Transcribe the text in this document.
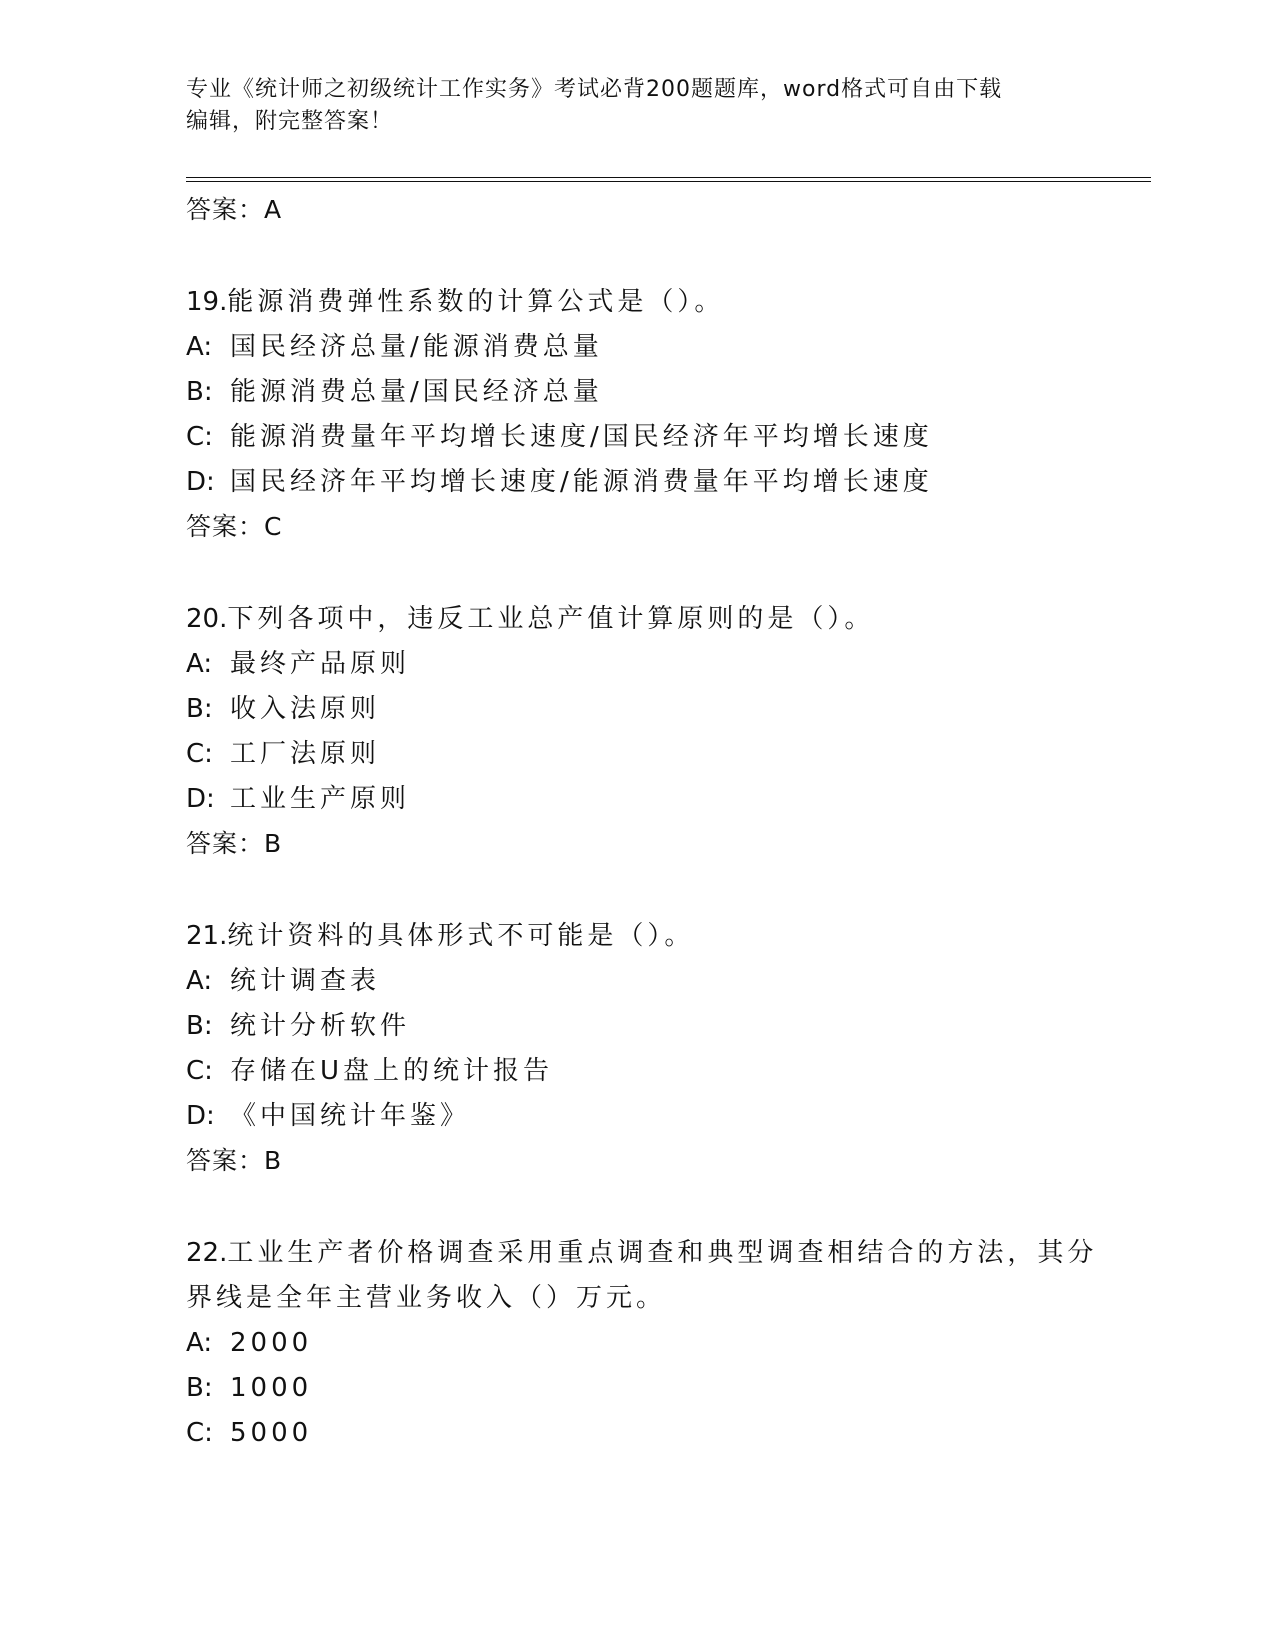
专业《统计师之初级统计工作实务》考试必背200题题库，word格式可自由下载
编辑，附完整答案！
答案：A
19.能源消费弹性系数的计算公式是（）。
A: 国民经济总量/能源消费总量
B: 能源消费总量/国民经济总量
C: 能源消费量年平均增长速度/国民经济年平均增长速度
D: 国民经济年平均增长速度/能源消费量年平均增长速度
答案：C
20.下列各项中，违反工业总产值计算原则的是（）。
A: 最终产品原则
B: 收入法原则
C: 工厂法原则
D: 工业生产原则
答案：B
21.统计资料的具体形式不可能是（）。
A: 统计调查表
B: 统计分析软件
C: 存储在U盘上的统计报告
D: 《中国统计年鉴》
答案：B
22.工业生产者价格调查采用重点调查和典型调查相结合的方法，其分
界线是全年主营业务收入（）万元。
A: 2000
B: 1000
C: 5000
